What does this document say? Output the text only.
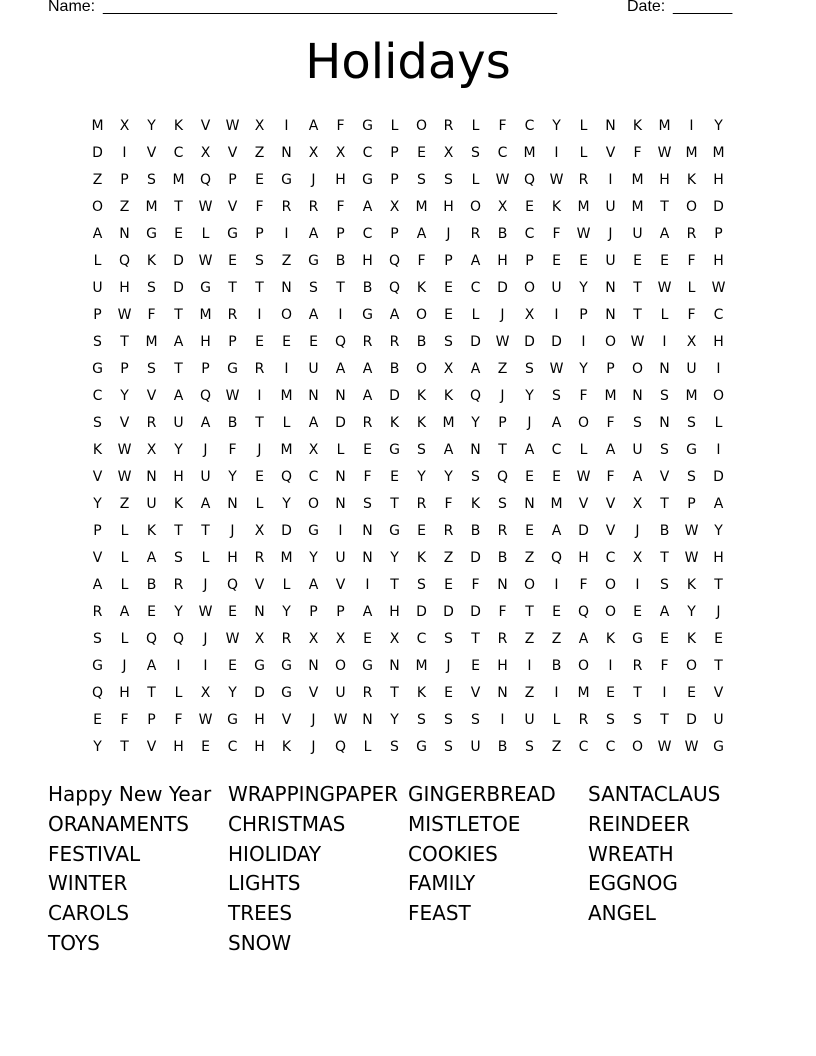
Name: ______________________________________________________	Date: _______
Holidays
M	X	Y	K	V	W	X	I	A	F	G	L	O	R	L	F	C	Y	L	N	K	M	I	Y
D	I	V	C	X	V	Z	N	X	X	C	P	E	X	S	C	M	I	L	V	F	W	M	M
Z	P	S	M	Q	P	E	G	J	H	G	P	S	S	L	W	Q	W	R	I	M	H	K	H
O	Z	M	T	W	V	F	R	R	F	A	X	M	H	O	X	E	K	M	U	M	T	O	D
A	N	G	E	L	G	P	I	A	P	C	P	A	J	R	B	C	F	W	J	U	A	R	P
L	Q	K	D	W	E	S	Z	G	B	H	Q	F	P	A	H	P	E	E	U	E	E	F	H
U	H	S	D	G	T	T	N	S	T	B	Q	K	E	C	D	O	U	Y	N	T	W	L	W
P	W	F	T	M	R	I	O	A	I	G	A	O	E	L	J	X	I	P	N	T	L	F	C
S	T	M	A	H	P	E	E	E	Q	R	R	B	S	D	W	D	D	I	O	W	I	X	H
G	P	S	T	P	G	R	I	U	A	A	B	O	X	A	Z	S	W	Y	P	O	N	U	I
C	Y	V	A	Q	W	I	M	N	N	A	D	K	K	Q	J	Y	S	F	M	N	S	M	O
S	V	R	U	A	B	T	L	A	D	R	K	K	M	Y	P	J	A	O	F	S	N	S	L
K	W	X	Y	J	F	J	M	X	L	E	G	S	A	N	T	A	C	L	A	U	S	G	I
V	W	N	H	U	Y	E	Q	C	N	F	E	Y	Y	S	Q	E	E	W	F	A	V	S	D
Y	Z	U	K	A	N	L	Y	O	N	S	T	R	F	K	S	N	M	V	V	X	T	P	A
P	L	K	T	T	J	X	D	G	I	N	G	E	R	B	R	E	A	D	V	J	B	W	Y
V	L	A	S	L	H	R	M	Y	U	N	Y	K	Z	D	B	Z	Q	H	C	X	T	W	H
A	L	B	R	J	Q	V	L	A	V	I	T	S	E	F	N	O	I	F	O	I	S	K	T
R	A	E	Y	W	E	N	Y	P	P	A	H	D	D	D	F	T	E	Q	O	E	A	Y	J
S	L	Q	Q	J	W	X	R	X	X	E	X	C	S	T	R	Z	Z	A	K	G	E	K	E
G	J	A	I	I	E	G	G	N	O	G	N	M	J	E	H	I	B	O	I	R	F	O	T
Q	H	T	L	X	Y	D	G	V	U	R	T	K	E	V	N	Z	I	M	E	T	I	E	V
E	F	P	F	W	G	H	V	J	W	N	Y	S	S	S	I	U	L	R	S	S	T	D	U
Y	T	V	H	E	C	H	K	J	Q	L	S	G	S	U	B	S	Z	C	C	O	W W	G
Happy New Year
ORANAMENTS
FESTIVAL
WINTER
CAROLS
TOYS
WRAPPINGPAPER
CHRISTMAS
HIOLIDAY
LIGHTS
TREES
SNOW
GINGERBREAD
MISTLETOE
COOKIES
FAMILY
FEAST
SANTACLAUS
REINDEER
WREATH
EGGNOG
ANGEL
